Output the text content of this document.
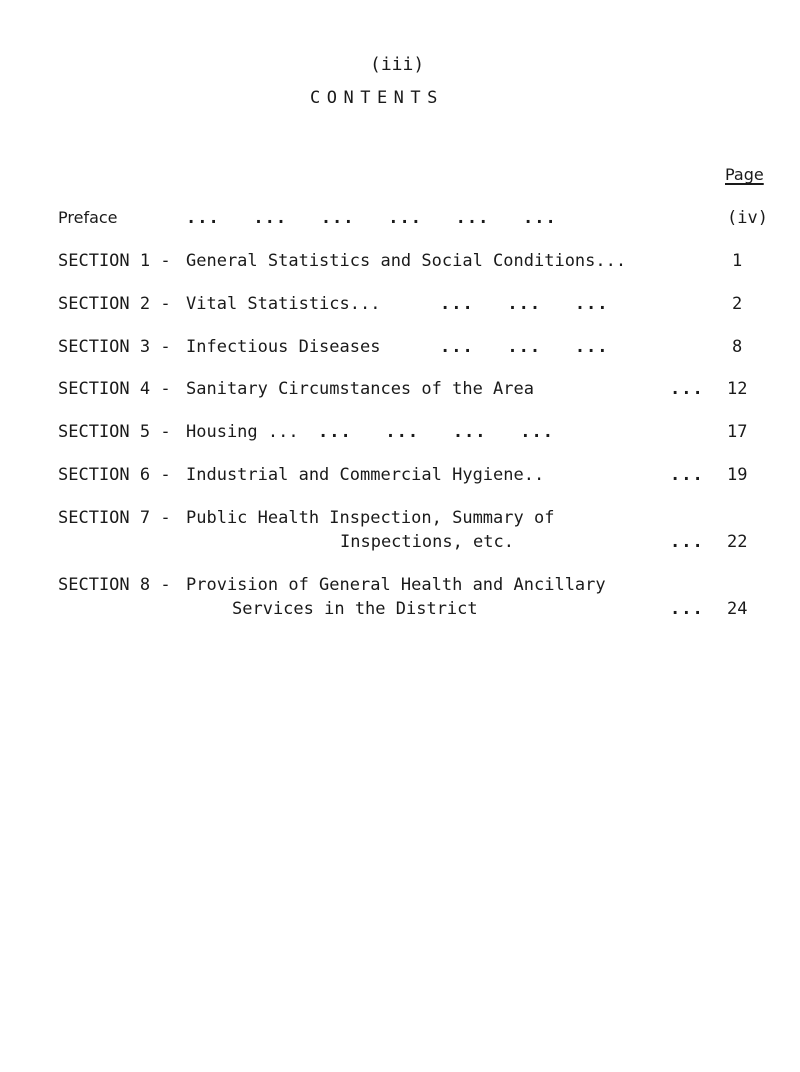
(iii)
CONTENTS
Page
Preface	...   ...   ...   ...   ...   ...	(iv)
SECTION 1 - General Statistics and Social Conditions...	1
SECTION 2 - Vital Statistics...	...   ...   ...	2
SECTION 3 - Infectious Diseases	...   ...   ...	8
SECTION 4 - Sanitary Circumstances of the Area	... 12
SECTION 5 - Housing ... ...   ...   ...   ...	17
SECTION 6 - Industrial and Commercial Hygiene..	... 19
SECTION 7 - Public Health Inspection, Summary of
Inspections, etc.	... 22
SECTION 8 - Provision of General Health and Ancillary
Services in the District	... 24
